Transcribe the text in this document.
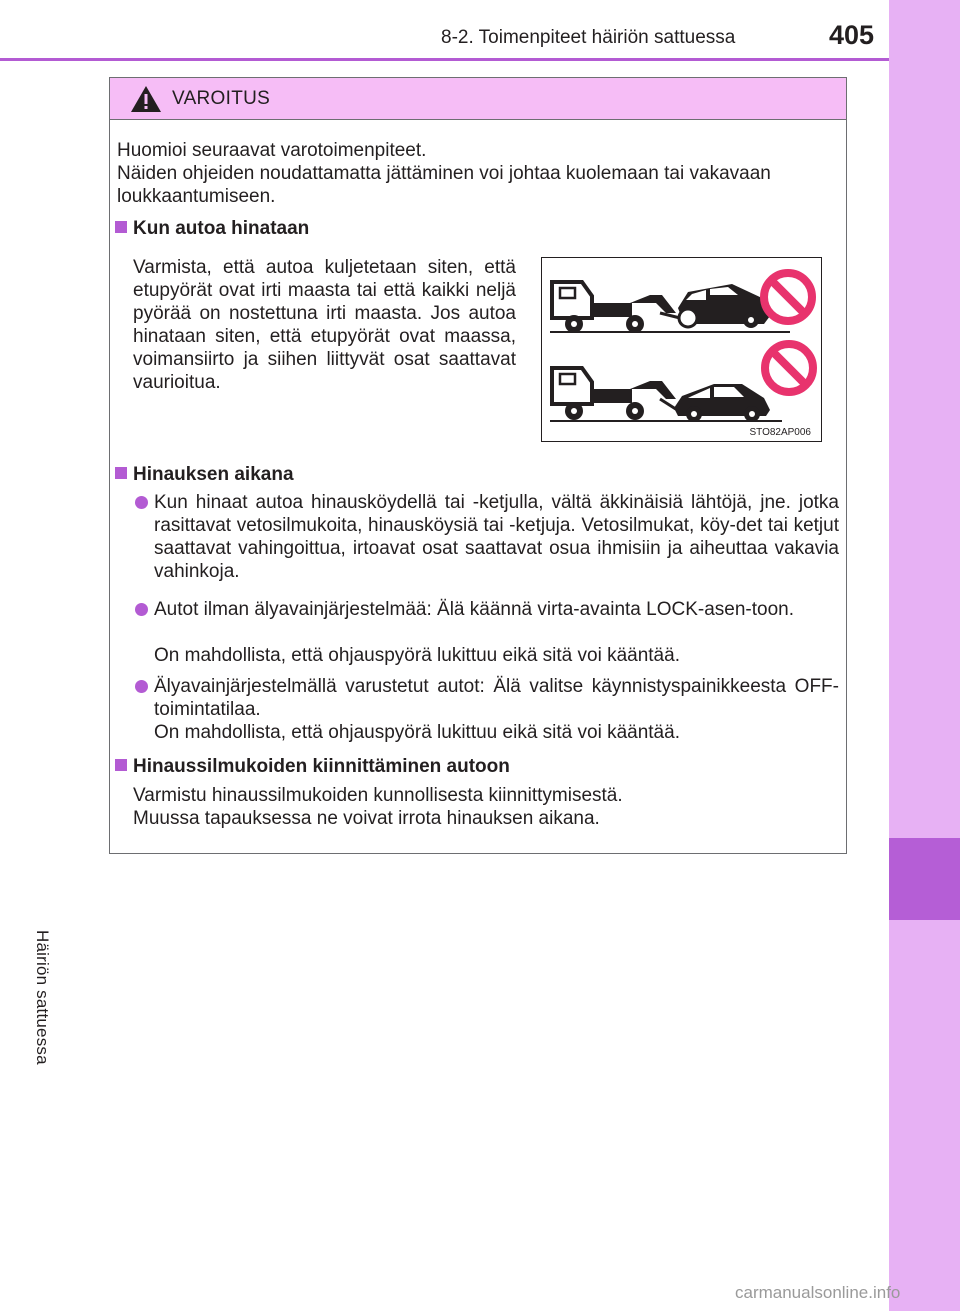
8-2. Toimenpiteet häiriön sattuessa	405
8
Häiriön sattuessa
VAROITUS
Huomioi seuraavat varotoimenpiteet.
Näiden ohjeiden noudattamatta jättäminen voi johtaa kuolemaan tai vakavaan loukkaantumiseen.
Kun autoa hinataan
Varmista, että autoa kuljetetaan siten, että etupyörät ovat irti maasta tai että kaikki neljä pyörää on nostettuna irti maasta. Jos autoa hinataan siten, että etupyörät ovat maassa, voimansiirto ja siihen liittyvät osat saattavat vaurioitua.
STO82AP006
Hinauksen aikana
Kun hinaat autoa hinausköydellä tai -ketjulla, vältä äkkinäisiä lähtöjä, jne. jotka rasittavat vetosilmukoita, hinausköysiä tai -ketjuja. Vetosilmukat, köy-det tai ketjut saattavat vahingoittua, irtoavat osat saattavat osua ihmisiin ja aiheuttaa vakavia vahinkoja.
Autot ilman älyavainjärjestelmää: Älä käännä virta-avainta LOCK-asen-toon.
On mahdollista, että ohjauspyörä lukittuu eikä sitä voi kääntää.
Älyavainjärjestelmällä varustetut autot: Älä valitse käynnistyspainikkeesta OFF-toimintatilaa.
On mahdollista, että ohjauspyörä lukittuu eikä sitä voi kääntää.
Hinaussilmukoiden kiinnittäminen autoon
Varmistu hinaussilmukoiden kunnollisesta kiinnittymisestä.
Muussa tapauksessa ne voivat irrota hinauksen aikana.
carmanualsonline.info
